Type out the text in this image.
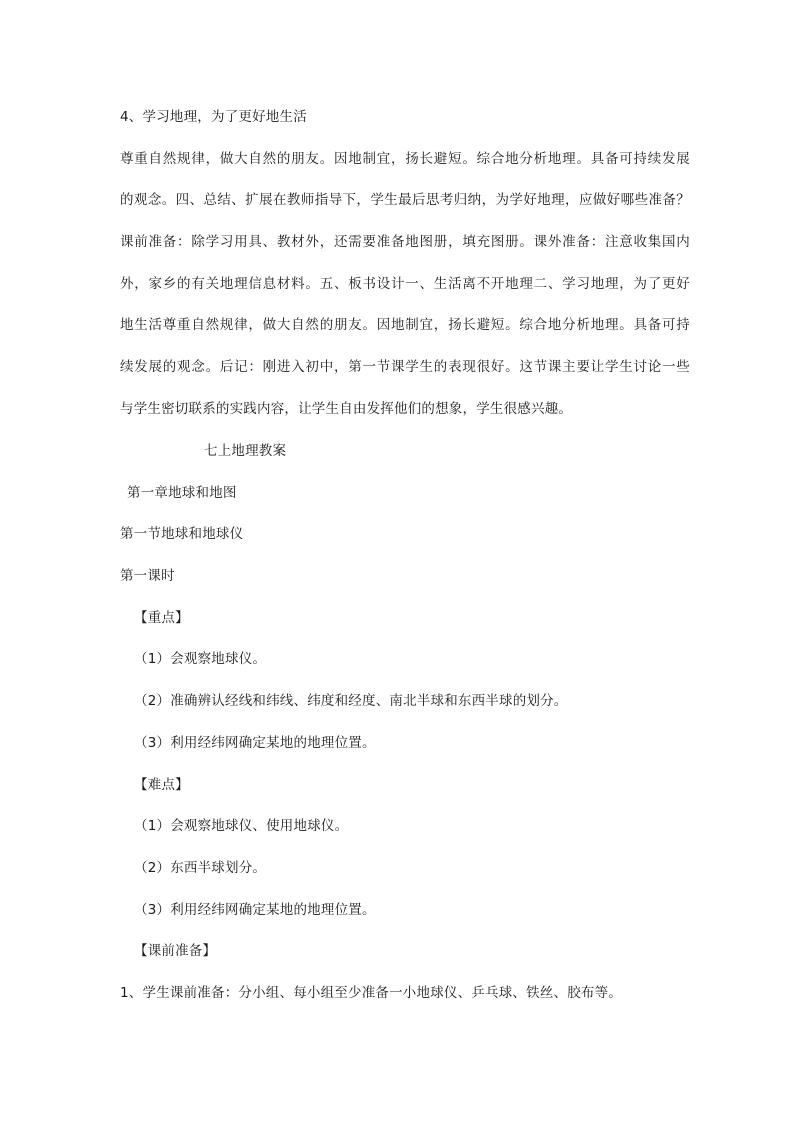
4、学习地理，为了更好地生活
尊重自然规律，做大自然的朋友。因地制宜，扬长避短。综合地分析地理。具备可持续发展
的观念。四、总结、扩展在教师指导下，学生最后思考归纳，为学好地理，应做好哪些准备？
课前准备：除学习用具、教材外，还需要准备地图册，填充图册。课外准备：注意收集国内
外，家乡的有关地理信息材料。五、板书设计一、生活离不开地理二、学习地理，为了更好
地生活尊重自然规律，做大自然的朋友。因地制宜，扬长避短。综合地分析地理。具备可持
续发展的观念。后记：刚进入初中，第一节课学生的表现很好。这节课主要让学生讨论一些
与学生密切联系的实践内容，让学生自由发挥他们的想象，学生很感兴趣。
七上地理教案
第一章地球和地图
第一节地球和地球仪
第一课时
【重点】
（1）会观察地球仪。
（2）准确辨认经线和纬线、纬度和经度、南北半球和东西半球的划分。
（3）利用经纬网确定某地的地理位置。
【难点】
（1）会观察地球仪、使用地球仪。
（2）东西半球划分。
（3）利用经纬网确定某地的地理位置。
【课前准备】
1、学生课前准备：分小组、每小组至少准备一小地球仪、乒乓球、铁丝、胶布等。
